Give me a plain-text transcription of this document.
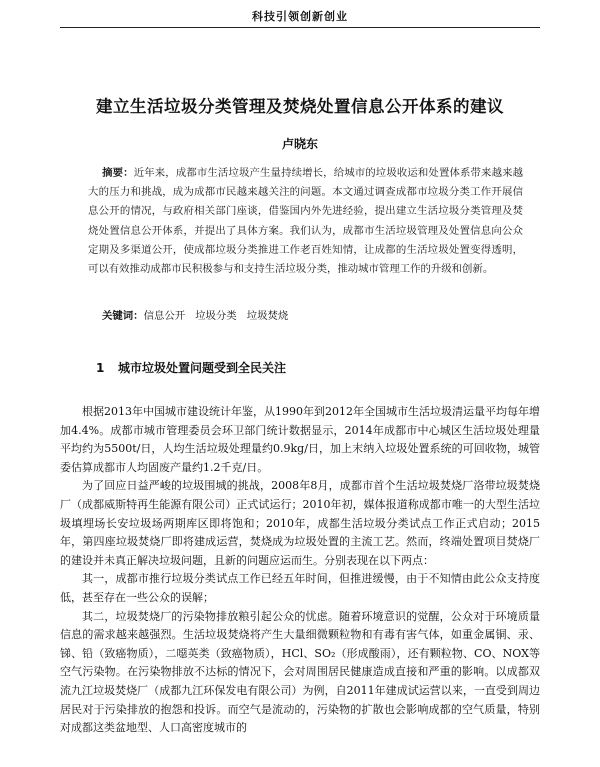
科技引领创新创业
建立生活垃圾分类管理及焚烧处置信息公开体系的建议
卢晓东
摘要：近年来，成都市生活垃圾产生量持续增长，给城市的垃圾收运和处置体系带来越来越大的压力和挑战，成为成都市民越来越关注的问题。本文通过调查成都市垃圾分类工作开展信息公开的情况，与政府相关部门座谈，借鉴国内外先进经验，提出建立生活垃圾分类管理及焚烧处置信息公开体系，并提出了具体方案。我们认为，成都市生活垃圾管理及处置信息向公众定期及多渠道公开，使成都垃圾分类推进工作老百姓知情，让成都的生活垃圾处置变得透明，可以有效推动成都市民积极参与和支持生活垃圾分类，推动城市管理工作的升级和创新。
关键词：信息公开 垃圾分类 垃圾焚烧
1 城市垃圾处置问题受到全民关注

根据2013年中国城市建设统计年鉴，从1990年到2012年全国城市生活垃圾清运量平均每年增加4.4%。成都市城市管理委员会环卫部门统计数据显示，2014年成都市中心城区生活垃圾处理量平均约为5500t/日，人均生活垃圾处理量约0.9kg/日，加上末纳入垃圾处置系统的可回收物，城管委估算成都市人均固废产量约1.2千克/日。

为了回应日益严峻的垃圾围城的挑战，2008年8月，成都市首个生活垃圾焚烧厂洛带垃圾焚烧厂（成都威斯特再生能源有限公司）正式试运行；2010年初，媒体报道称成都市唯一的大型生活垃圾填埋场长安垃圾场两期库区即将饱和；2010年，成都生活垃圾分类试点工作正式启动；2015年，第四座垃圾焚烧厂即将建成运营，焚烧成为垃圾处置的主流工艺。然而，终端处置项目焚烧厂的建设并未真正解决垃圾问题，且新的问题应运而生。分别表现在以下两点：

其一，成都市推行垃圾分类试点工作已经五年时间，但推进缓慢，由于不知情由此公众支持度低，甚至存在一些公众的误解；

其二，垃圾焚烧厂的污染物排放粮引起公众的忧虑。随着环境意识的觉醒，公众对于环境质量信息的需求越来越强烈。生活垃圾焚烧将产生大量细微颗粒物和有毒有害气体，如重金属铜、汞、锑、铅（致癌物质），二噁英类（致癌物质），HCl、SO₂（形成酸雨），还有颗粒物、CO、NOX等空气污染物。在污染物排放不达标的情况下，会对周围居民健康造成直接和严重的影响。以成都双流九江垃圾焚烧厂（成都九江环保发电有限公司）为例，自2011年建成试运营以来，一直受到周边居民对于污染排放的抱怨和投诉。而空气是流动的，污染物的扩散也会影响成都的空气质量，特别对成都这类盆地型、人口高密度城市的
